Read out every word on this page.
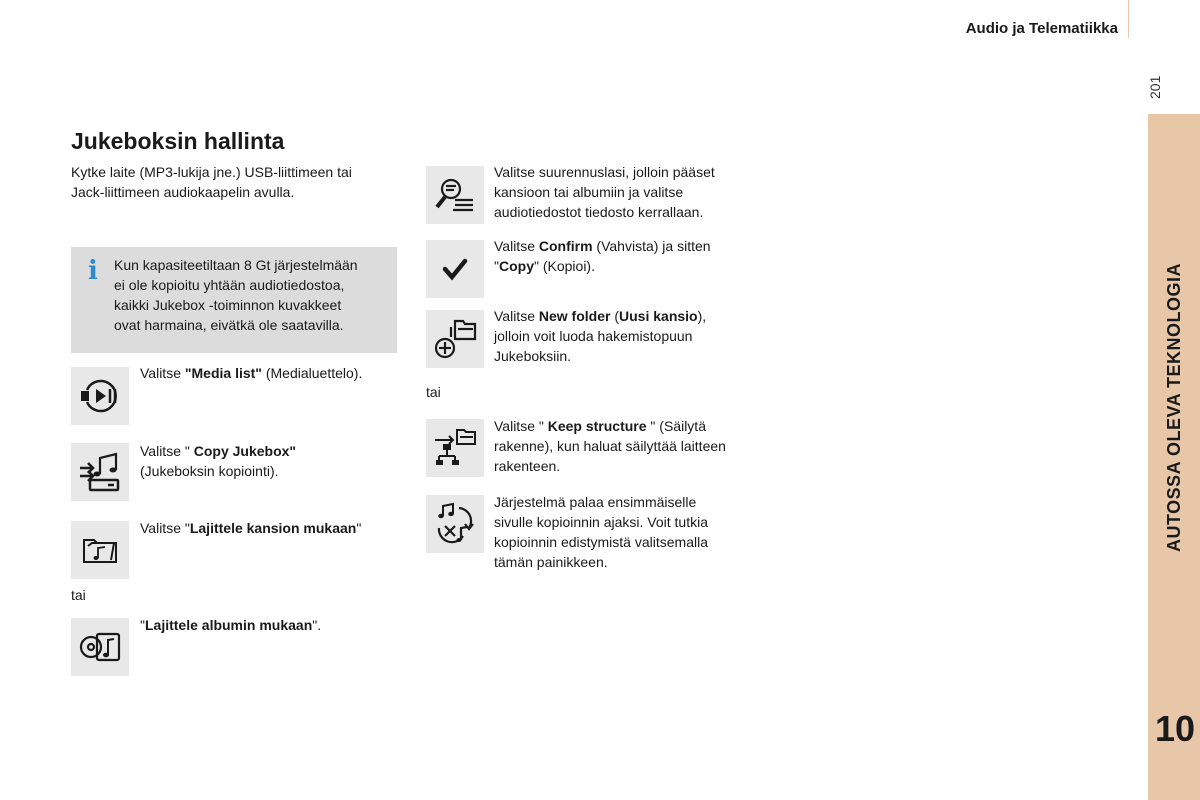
Audio ja Telematiikka
201
AUTOSSA OLEVA TEKNOLOGIA
10
Jukeboksin hallinta
Kytke laite (MP3-lukija jne.) USB-liittimeen tai
Jack-liittimeen audiokaapelin avulla.
i Kun kapasiteetiltaan 8 Gt järjestelmään
ei ole kopioitu yhtään audiotiedostoa,
kaikki Jukebox -toiminnon kuvakkeet
ovat harmaina, eivätkä ole saatavilla.
Valitse "Media list" (Medialuettelo).
Valitse " Copy Jukebox"
(Jukeboksin kopiointi).
Valitse "Lajittele kansion mukaan"
tai
"Lajittele albumin mukaan".
Valitse suurennuslasi, jolloin pääset
kansioon tai albumiin ja valitse
audiotiedostot tiedosto kerrallaan.
Valitse Confirm (Vahvista) ja sitten
"Copy" (Kopioi).
Valitse New folder (Uusi kansio),
jolloin voit luoda hakemistopuun
Jukeboksiin.
tai
Valitse " Keep structure " (Säilytä
rakenne), kun haluat säilyttää laitteen
rakenteen.
Järjestelmä palaa ensimmäiselle
sivulle kopioinnin ajaksi. Voit tutkia
kopioinnin edistymistä valitsemalla
tämän painikkeen.
